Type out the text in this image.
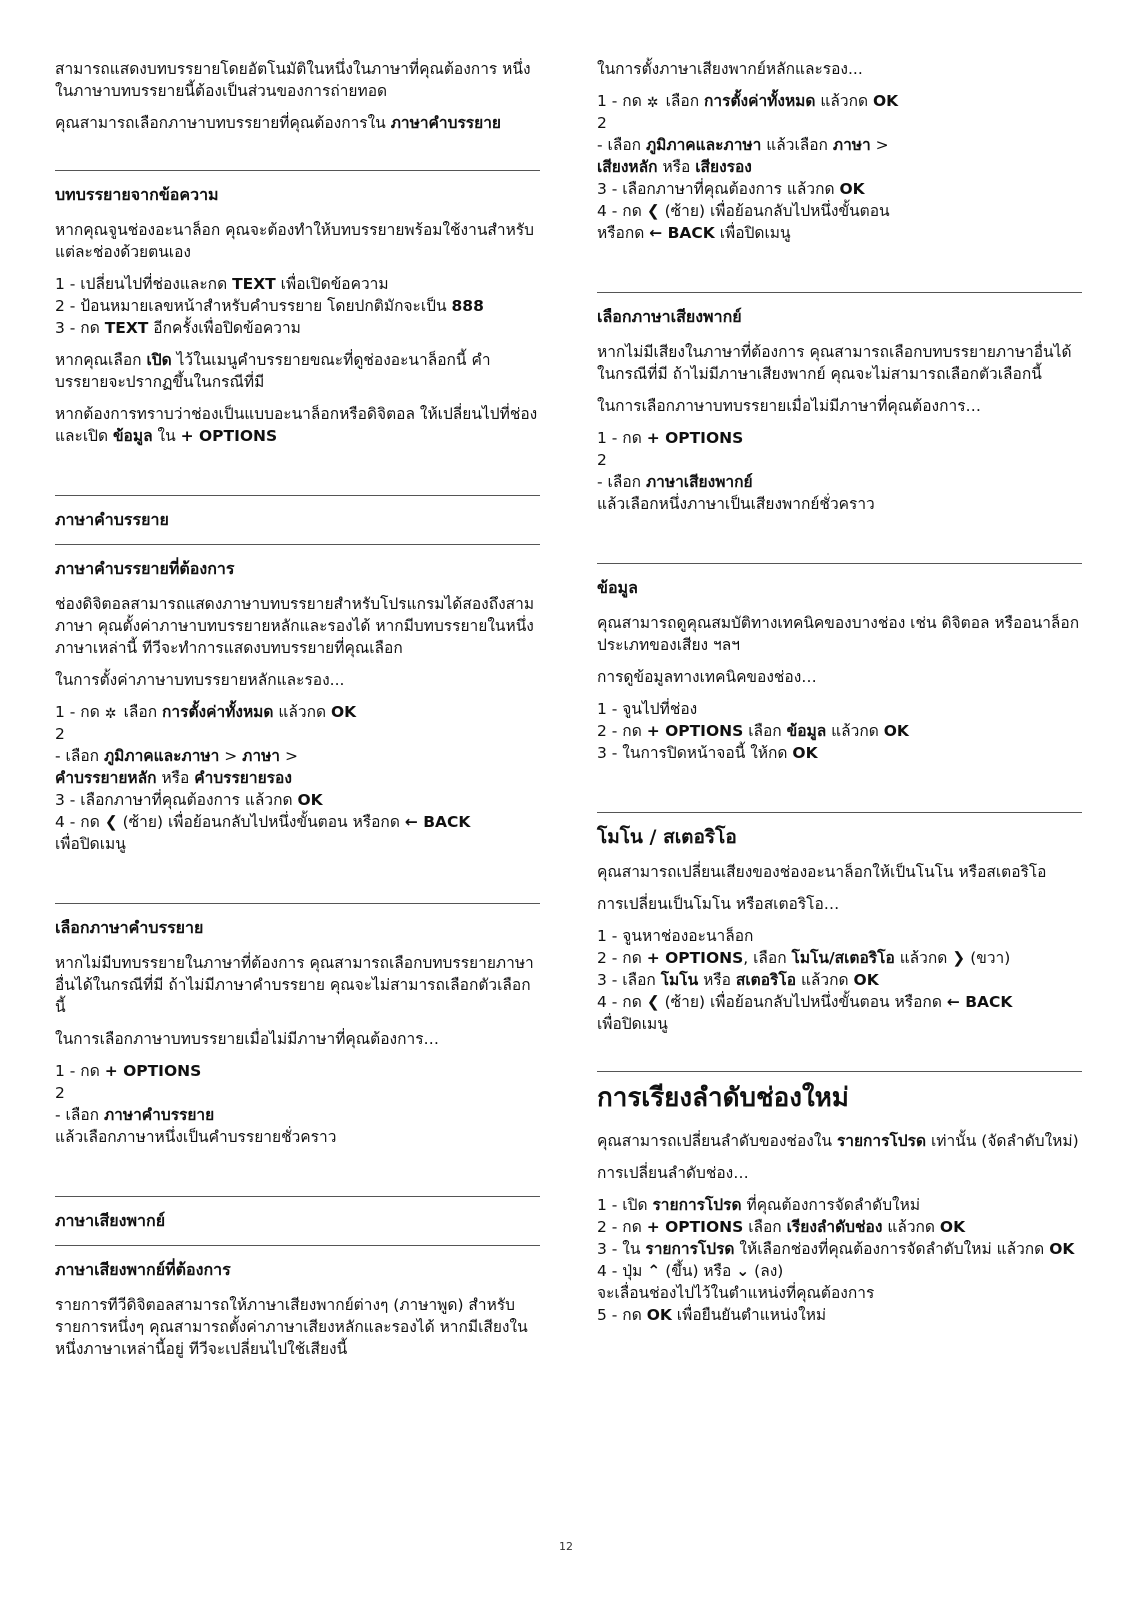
สามารถแสดงบทบรรยายโดยอัตโนมัติในหนึ่งในภาษาที่คุณต้องการ หนึ่งในภาษาบทบรรยายนี้ต้องเป็นส่วนของการถ่ายทอด

คุณสามารถเลือกภาษาบทบรรยายที่คุณต้องการใน ภาษาคำบรรยาย

บทบรรยายจากข้อความ

หากคุณจูนช่องอะนาล็อก คุณจะต้องทำให้บทบรรยายพร้อมใช้งานสำหรับแต่ละช่องด้วยตนเอง

1 - เปลี่ยนไปที่ช่องและกด TEXT เพื่อเปิดข้อความ
2 - ป้อนหมายเลขหน้าสำหรับคำบรรยาย โดยปกติมักจะเป็น 888
3 - กด TEXT อีกครั้งเพื่อปิดข้อความ

หากคุณเลือก เปิด ไว้ในเมนูคำบรรยายขณะที่ดูช่องอะนาล็อกนี้ คำบรรยายจะปรากฏขึ้นในกรณีที่มี

หากต้องการทราบว่าช่องเป็นแบบอะนาล็อกหรือดิจิตอล ให้เปลี่ยนไปที่ช่องและเปิด ข้อมูล ใน + OPTIONS

ภาษาคำบรรยาย
ภาษาคำบรรยายที่ต้องการ

ช่องดิจิตอลสามารถแสดงภาษาบทบรรยายสำหรับโปรแกรมได้สองถึงสามภาษา คุณตั้งค่าภาษาบทบรรยายหลักและรองได้ หากมีบทบรรยายในหนึ่งภาษาเหล่านี้ ทีวีจะทำการแสดงบทบรรยายที่คุณเลือก

ในการตั้งค่าภาษาบทบรรยายหลักและรอง...

1 - กด ✲ เลือก การตั้งค่าทั้งหมด แล้วกด OK
2
- เลือก ภูมิภาคและภาษา > ภาษา >
คำบรรยายหลัก หรือ คำบรรยายรอง
3 - เลือกภาษาที่คุณต้องการ แล้วกด OK
4 - กด ❮ (ซ้าย) เพื่อย้อนกลับไปหนึ่งขั้นตอน หรือกด ← BACK
เพื่อปิดเมนู
เลือกภาษาคำบรรยาย

หากไม่มีบทบรรยายในภาษาที่ต้องการ คุณสามารถเลือกบทบรรยายภาษาอื่นได้ในกรณีที่มี ถ้าไม่มีภาษาคำบรรยาย คุณจะไม่สามารถเลือกตัวเลือกนี้

ในการเลือกภาษาบทบรรยายเมื่อไม่มีภาษาที่คุณต้องการ…

1 - กด + OPTIONS
2
- เลือก ภาษาคำบรรยาย
แล้วเลือกภาษาหนึ่งเป็นคำบรรยายชั่วคราว
ภาษาเสียงพากย์
ภาษาเสียงพากย์ที่ต้องการ

รายการทีวีดิจิตอลสามารถให้ภาษาเสียงพากย์ต่างๆ (ภาษาพูด) สำหรับรายการหนึ่งๆ คุณสามารถตั้งค่าภาษาเสียงหลักและรองได้ หากมีเสียงในหนึ่งภาษาเหล่านี้อยู่ ทีวีจะเปลี่ยนไปใช้เสียงนี้

ในการตั้งภาษาเสียงพากย์หลักและรอง...

1 - กด ✲ เลือก การตั้งค่าทั้งหมด แล้วกด OK
2
- เลือก ภูมิภาคและภาษา แล้วเลือก ภาษา >
เสียงหลัก หรือ เสียงรอง
3 - เลือกภาษาที่คุณต้องการ แล้วกด OK
4 - กด ❮ (ซ้าย) เพื่อย้อนกลับไปหนึ่งขั้นตอน
หรือกด ← BACK เพื่อปิดเมนู
เลือกภาษาเสียงพากย์

หากไม่มีเสียงในภาษาที่ต้องการ คุณสามารถเลือกบทบรรยายภาษาอื่นได้ในกรณีที่มี ถ้าไม่มีภาษาเสียงพากย์ คุณจะไม่สามารถเลือกตัวเลือกนี้

ในการเลือกภาษาบทบรรยายเมื่อไม่มีภาษาที่คุณต้องการ…

1 - กด + OPTIONS
2
- เลือก ภาษาเสียงพากย์
แล้วเลือกหนึ่งภาษาเป็นเสียงพากย์ชั่วคราว
ข้อมูล

คุณสามารถดูคุณสมบัติทางเทคนิคของบางช่อง เช่น ดิจิตอล หรืออนาล็อก ประเภทของเสียง ฯลฯ

การดูข้อมูลทางเทคนิคของช่อง…

1 - จูนไปที่ช่อง
2 - กด + OPTIONS เลือก ข้อมูล แล้วกด OK
3 - ในการปิดหน้าจอนี้ ให้กด OK
โมโน / สเตอริโอ

คุณสามารถเปลี่ยนเสียงของช่องอะนาล็อกให้เป็นโนโน หรือสเตอริโอ

การเปลี่ยนเป็นโมโน หรือสเตอริโอ…

1 - จูนหาช่องอะนาล็อก
2 - กด + OPTIONS, เลือก โมโน/สเตอริโอ แล้วกด ❯ (ขวา)
3 - เลือก โมโน หรือ สเตอริโอ แล้วกด OK
4 - กด ❮ (ซ้าย) เพื่อย้อนกลับไปหนึ่งขั้นตอน หรือกด ← BACK
เพื่อปิดเมนู
การเรียงลำดับช่องใหม่

คุณสามารถเปลี่ยนลำดับของช่องใน รายการโปรด เท่านั้น (จัดลำดับใหม่)

การเปลี่ยนลำดับช่อง…

1 - เปิด รายการโปรด ที่คุณต้องการจัดลำดับใหม่
2 - กด + OPTIONS เลือก เรียงลำดับช่อง แล้วกด OK
3 - ใน รายการโปรด ให้เลือกช่องที่คุณต้องการจัดลำดับใหม่ แล้วกด OK
4 - ปุ่ม ⌃ (ขึ้น) หรือ ⌄ (ลง)
จะเลื่อนช่องไปไว้ในตำแหน่งที่คุณต้องการ
5 - กด OK เพื่อยืนยันตำแหน่งใหม่
12
